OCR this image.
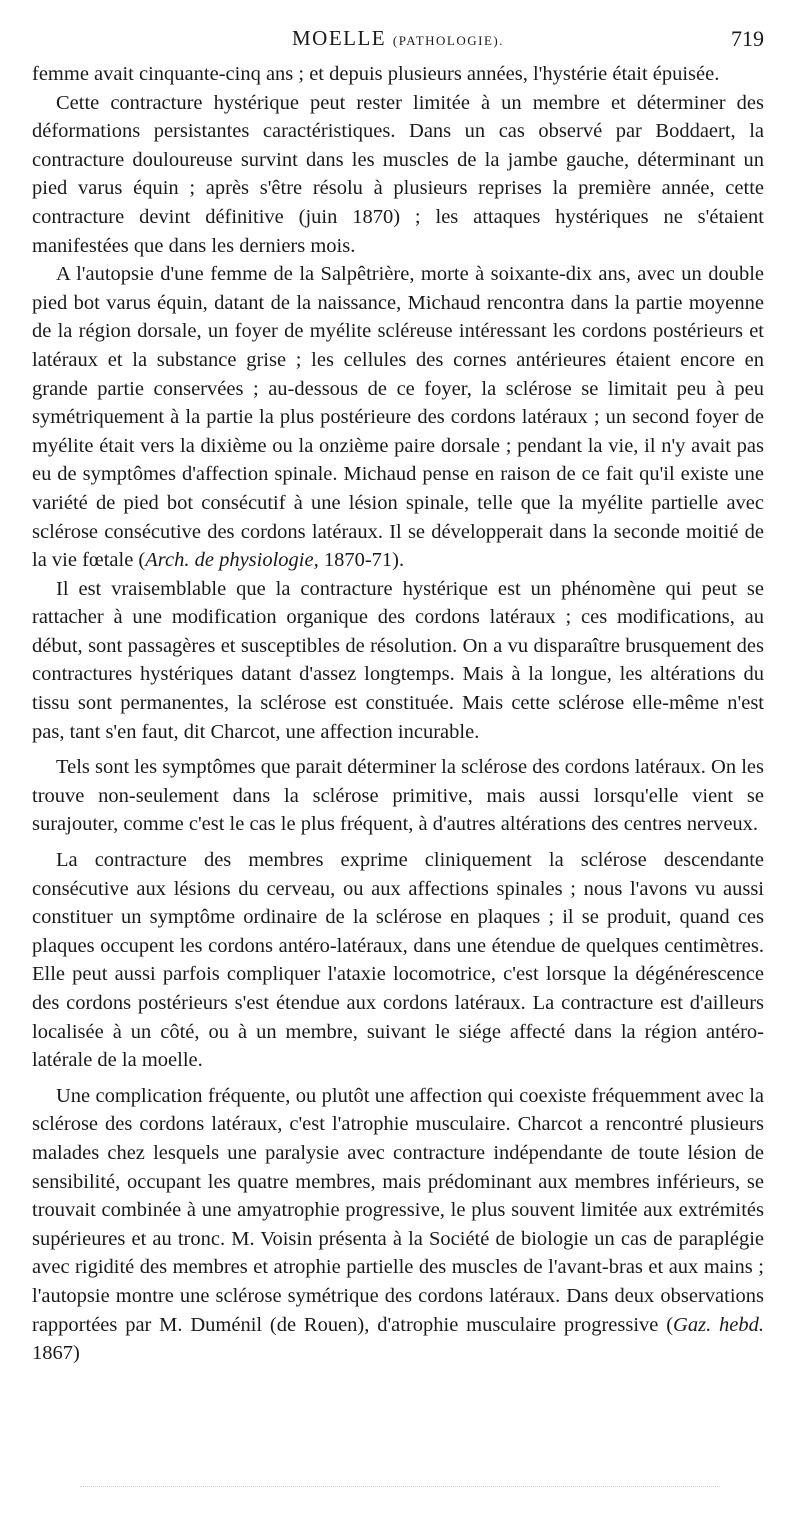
MOELLE (PATHOLOGIE).	719

femme avait cinquante-cinq ans ; et depuis plusieurs années, l'hystérie était épuisée.

Cette contracture hystérique peut rester limitée à un membre et déterminer des déformations persistantes caractéristiques. Dans un cas observé par Boddaert, la contracture douloureuse survint dans les muscles de la jambe gauche, déterminant un pied varus équin ; après s'être résolu à plusieurs reprises la première année, cette contracture devint définitive (juin 1870) ; les attaques hystériques ne s'étaient manifestées que dans les derniers mois.

A l'autopsie d'une femme de la Salpêtrière, morte à soixante-dix ans, avec un double pied bot varus équin, datant de la naissance, Michaud rencontra dans la partie moyenne de la région dorsale, un foyer de myélite scléreuse intéressant les cordons postérieurs et latéraux et la substance grise ; les cellules des cornes antérieures étaient encore en grande partie conservées ; au-dessous de ce foyer, la sclérose se limitait peu à peu symétriquement à la partie la plus postérieure des cordons latéraux ; un second foyer de myélite était vers la dixième ou la onzième paire dorsale ; pendant la vie, il n'y avait pas eu de symptômes d'affection spinale. Michaud pense en raison de ce fait qu'il existe une variété de pied bot consécutif à une lésion spinale, telle que la myélite partielle avec sclérose consécutive des cordons latéraux. Il se développerait dans la seconde moitié de la vie fœtale (Arch. de physiologie, 1870-71).

Il est vraisemblable que la contracture hystérique est un phénomène qui peut se rattacher à une modification organique des cordons latéraux ; ces modifications, au début, sont passagères et susceptibles de résolution. On a vu disparaître brusquement des contractures hystériques datant d'assez longtemps. Mais à la longue, les altérations du tissu sont permanentes, la sclérose est constituée. Mais cette sclérose elle-même n'est pas, tant s'en faut, dit Charcot, une affection incurable.

Tels sont les symptômes que parait déterminer la sclérose des cordons latéraux. On les trouve non-seulement dans la sclérose primitive, mais aussi lorsqu'elle vient se surajouter, comme c'est le cas le plus fréquent, à d'autres altérations des centres nerveux.

La contracture des membres exprime cliniquement la sclérose descendante consécutive aux lésions du cerveau, ou aux affections spinales ; nous l'avons vu aussi constituer un symptôme ordinaire de la sclérose en plaques ; il se produit, quand ces plaques occupent les cordons antéro-latéraux, dans une étendue de quelques centimètres. Elle peut aussi parfois compliquer l'ataxie locomotrice, c'est lorsque la dégénérescence des cordons postérieurs s'est étendue aux cordons latéraux. La contracture est d'ailleurs localisée à un côté, ou à un membre, suivant le siége affecté dans la région antéro-latérale de la moelle.

Une complication fréquente, ou plutôt une affection qui coexiste fréquemment avec la sclérose des cordons latéraux, c'est l'atrophie musculaire. Charcot a rencontré plusieurs malades chez lesquels une paralysie avec contracture indépendante de toute lésion de sensibilité, occupant les quatre membres, mais prédominant aux membres inférieurs, se trouvait combinée à une amyatrophie progressive, le plus souvent limitée aux extrémités supérieures et au tronc. M. Voisin présenta à la Société de biologie un cas de paraplégie avec rigidité des membres et atrophie partielle des muscles de l'avant-bras et aux mains ; l'autopsie montre une sclérose symétrique des cordons latéraux. Dans deux observations rapportées par M. Duménil (de Rouen), d'atrophie musculaire progressive (Gaz. hebd. 1867)
